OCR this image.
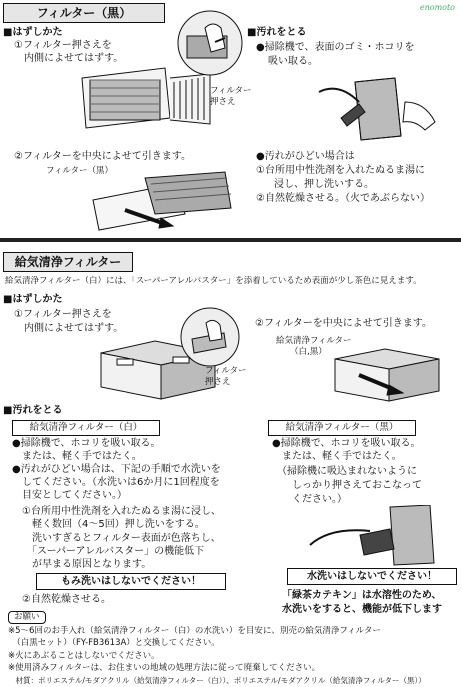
enomoto
フィルター（黒）
■はずしかた
①フィルター押さえを
内側によせてはずす。
フィルター
押さえ
②フィルターを中央によせて引きます。
フィルター（黒）
■汚れをとる
●掃除機で、表面のゴミ・ホコリを
吸い取る。
●汚れがひどい場合は
①台所用中性洗剤を入れたぬるま湯に
浸し、押し洗いする。
②自然乾燥させる。（火であぶらない）
給気清浄フィルター
給気清浄フィルター（白）には、「スーパーアレルバスター」を添着しているため表面が少し茶色に見えます。
■はずしかた
①フィルター押さえを
内側によせてはずす。
フィルター
押さえ
②フィルターを中央によせて引きます。
給気清浄フィルター
（白,黒）
■汚れをとる
給気清浄フィルター（白）
●掃除機で、ホコリを吸い取る。
　または、軽く手ではたく。
●汚れがひどい場合は、下記の手順で水洗いを
　してください。（水洗いは6か月に1回程度を
　目安としてください。）
　①台所用中性洗剤を入れたぬるま湯に浸し、
　　軽く数回（4～5回）押し洗いをする。
　　洗いすぎるとフィルター表面が色落ちし、
　　「スーパーアレルバスター」の機能低下
　　が早まる原因となります。
もみ洗いはしないでください！
②自然乾燥させる。
給気清浄フィルター（黒）
●掃除機で、ホコリを吸い取る。
　または、軽く手ではたく。
　（掃除機に吸込まれないように
　　しっかり押さえておこなって
　　ください。）
水洗いはしないでください！
「緑茶カテキン」は水溶性のため、
水洗いをすると、機能が低下します
お願い
※5～6回のお手入れ（給気清浄フィルター（白）の水洗い）を目安に、別売の給気清浄フィルター
　（白黒セット）（FY-FB3613A）と交換してください。
※火にあぶることはしないでください。
※使用済みフィルターは、お住まいの地域の処理方法に従って廃棄してください。
　材質：ポリエステル/モダアクリル（給気清浄フィルター（白））、ポリエステル/モダアクリル（給気清浄フィルター（黒））
